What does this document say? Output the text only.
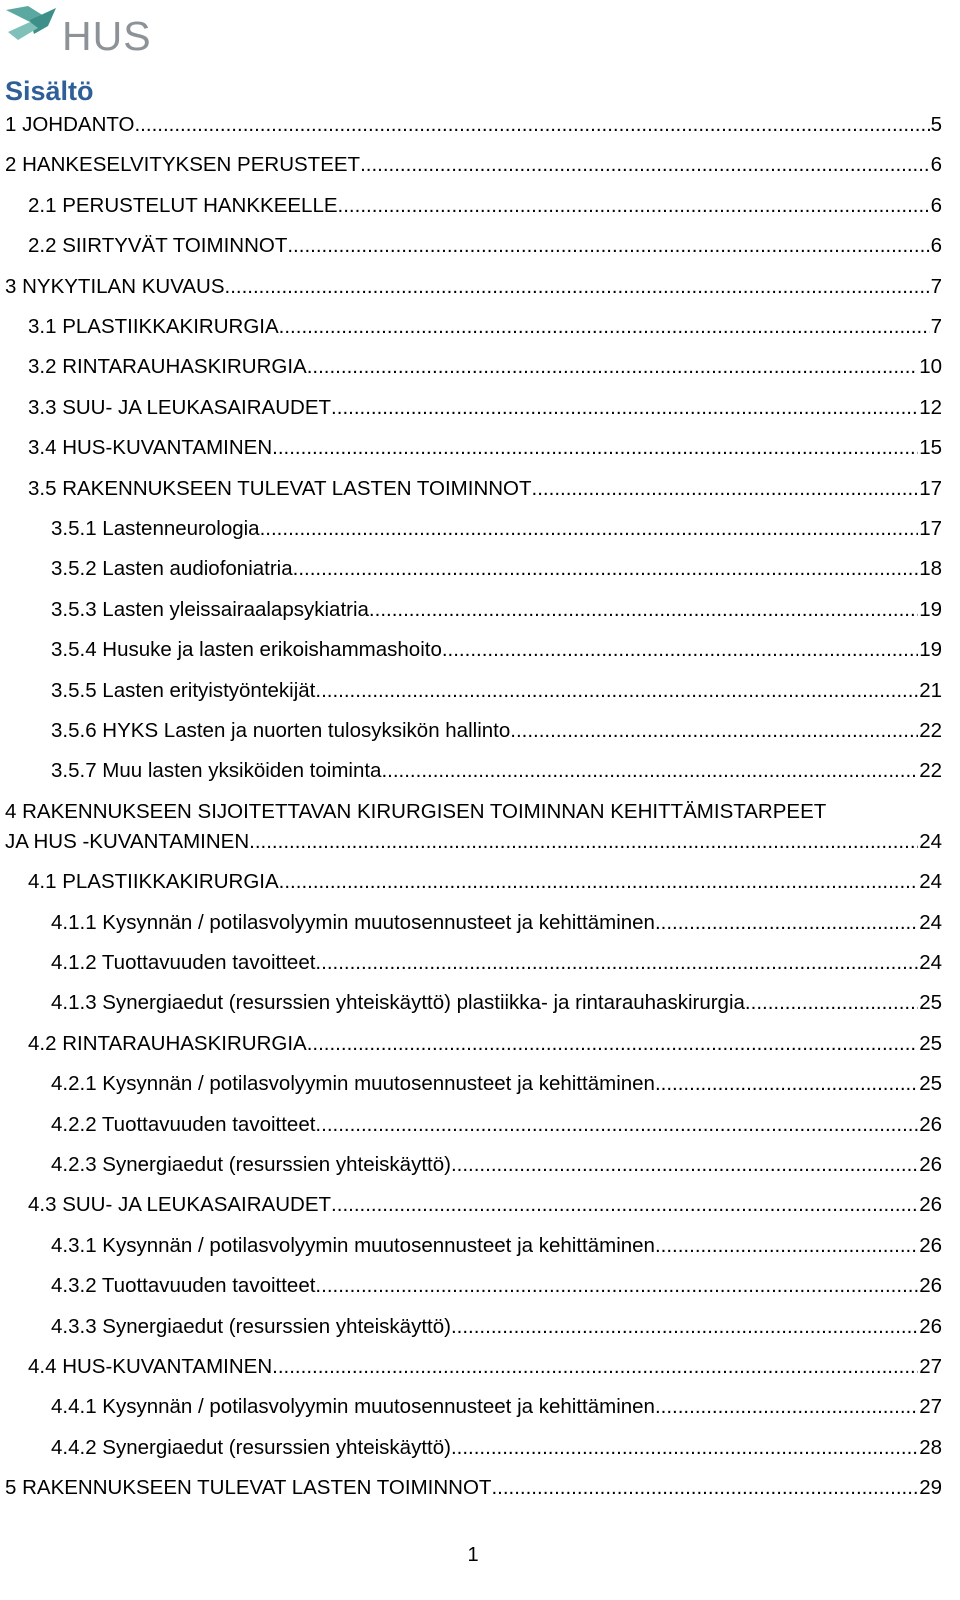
HUS
Sisältö
1 JOHDANTO .....	5
2 HANKESELVITYKSEN PERUSTEET .....	6
2.1 PERUSTELUT HANKKEELLE .....	6
2.2 SIIRTYVÄT TOIMINNOT .....	6
3 NYKYTILAN KUVAUS .....	7
3.1 PLASTIIKKAKIRURGIA .....	7
3.2 RINTARAUHASKIRURGIA .....	10
3.3 SUU- JA LEUKASAIRAUDET .....	12
3.4 HUS-KUVANTAMINEN .....	15
3.5 RAKENNUKSEEN TULEVAT LASTEN TOIMINNOT .....	17
3.5.1 Lastenneurologia .....	17
3.5.2 Lasten audiofoniatria .....	18
3.5.3 Lasten yleissairaalapsykiatria .....	19
3.5.4 Husuke ja lasten erikoishammashoito .....	19
3.5.5 Lasten erityistyöntekijät .....	21
3.5.6 HYKS Lasten ja nuorten tulosyksikön hallinto .....	22
3.5.7 Muu lasten yksiköiden toiminta .....	22
4 RAKENNUKSEEN SIJOITETTAVAN KIRURGISEN TOIMINNAN KEHITTÄMISTARPEET
JA HUS -KUVANTAMINEN .....	24
4.1 PLASTIIKKAKIRURGIA .....	24
4.1.1 Kysynnän / potilasvolyymin muutosennusteet ja kehittäminen .....	24
4.1.2 Tuottavuuden tavoitteet .....	24
4.1.3 Synergiaedut (resurssien yhteiskäyttö) plastiikka- ja rintarauhaskirurgia .....	25
4.2 RINTARAUHASKIRURGIA .....	25
4.2.1 Kysynnän / potilasvolyymin muutosennusteet ja kehittäminen .....	25
4.2.2 Tuottavuuden tavoitteet .....	26
4.2.3 Synergiaedut (resurssien yhteiskäyttö) .....	26
4.3 SUU- JA LEUKASAIRAUDET .....	26
4.3.1 Kysynnän / potilasvolyymin muutosennusteet ja kehittäminen .....	26
4.3.2 Tuottavuuden tavoitteet .....	26
4.3.3 Synergiaedut (resurssien yhteiskäyttö) .....	26
4.4 HUS-KUVANTAMINEN .....	27
4.4.1 Kysynnän / potilasvolyymin muutosennusteet ja kehittäminen .....	27
4.4.2 Synergiaedut (resurssien yhteiskäyttö) .....	28
5 RAKENNUKSEEN TULEVAT LASTEN TOIMINNOT .....	29
1
